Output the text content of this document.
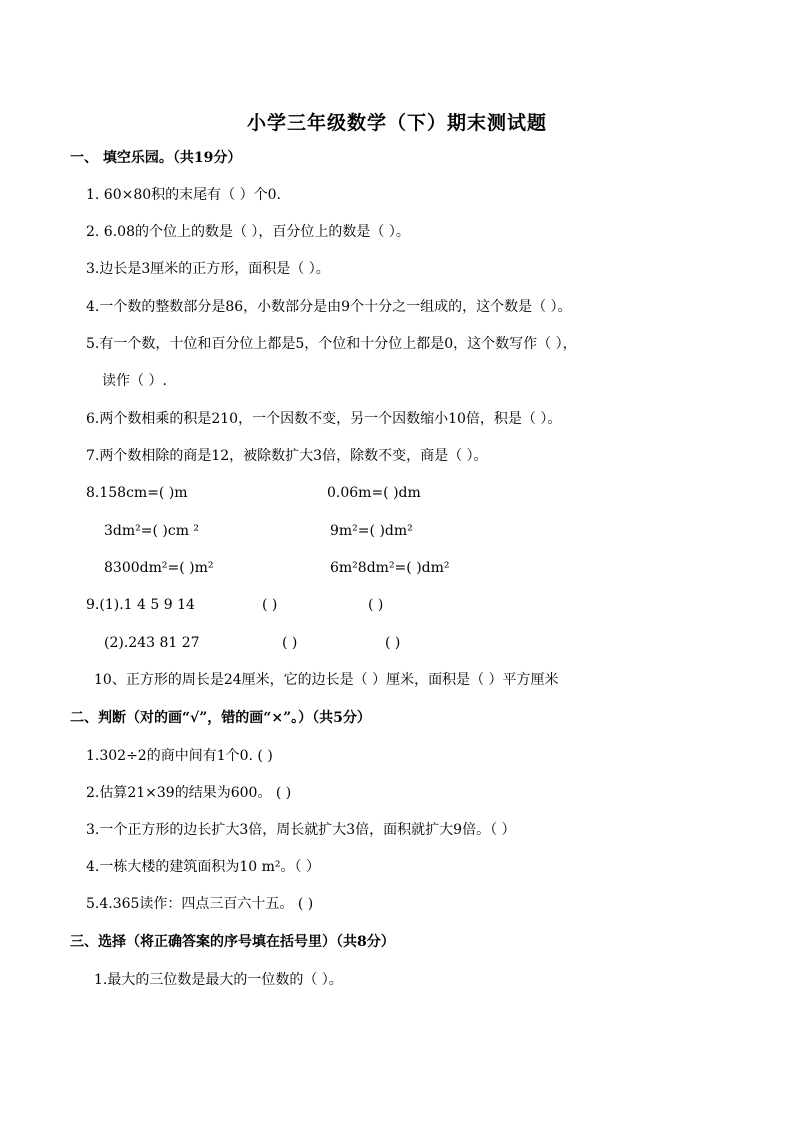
小学三年级数学（下）期末测试题
一、 填空乐园。（共19分）
1. 60×80积的末尾有（ ）个0.
2. 6.08的个位上的数是（ ），百分位上的数是（ ）。
3.边长是3厘米的正方形，面积是（ ）。
4.一个数的整数部分是86，小数部分是由9个十分之一组成的，这个数是（ ）。
5.有一个数，十位和百分位上都是5，个位和十分位上都是0，这个数写作（ ），
读作（ ）.
6.两个数相乘的积是210，一个因数不变，另一个因数缩小10倍，积是（ ）。
7.两个数相除的商是12，被除数扩大3倍，除数不变，商是（ ）。
8.158cm=( )m	0.06m=( )dm
3dm²=( )cm ²	9m²=( )dm²
8300dm²=( )m²	6m²8dm²=( )dm²
9.(1).1 4 5 9 14	( )	( )
(2).243 81 27	( )	( )
10、正方形的周长是24厘米，它的边长是（ ）厘米，面积是（ ）平方厘米
二、判断（对的画“√”，错的画“×”。）（共5分）
1.302÷2的商中间有1个0. ( )
2.估算21×39的结果为600。 ( )
3.一个正方形的边长扩大3倍，周长就扩大3倍，面积就扩大9倍。（ ）
4.一栋大楼的建筑面积为10 m²。（ ）
5.4.365读作：四点三百六十五。 ( )
三、选择（将正确答案的序号填在括号里）（共8分）
1.最大的三位数是最大的一位数的（ ）。
